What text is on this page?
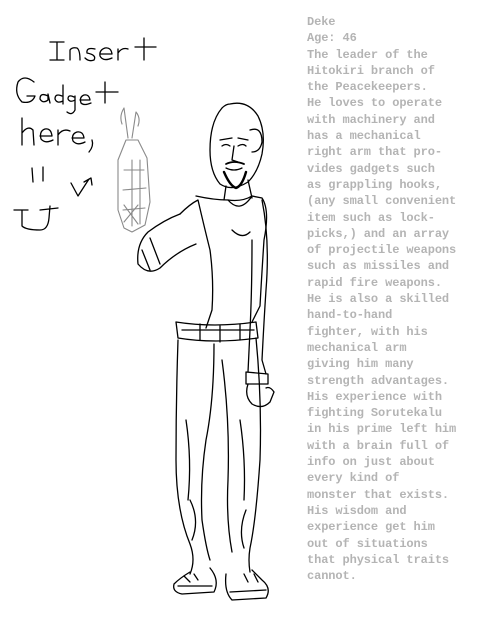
Deke
Age: 46
The leader of the
Hitokiri branch of
the Peacekeepers.
He loves to operate
with machinery and
has a mechanical
right arm that pro-
vides gadgets such
as grappling hooks,
(any small convenient
item such as lock-
picks,) and an array
of projectile weapons
such as missiles and
rapid fire weapons.
He is also a skilled
hand-to-hand
fighter, with his
mechanical arm
giving him many
strength advantages.
His experience with
fighting Sorutekalu
in his prime left him
with a brain full of
info on just about
every kind of
monster that exists.
His wisdom and
experience get him
out of situations
that physical traits
cannot.
